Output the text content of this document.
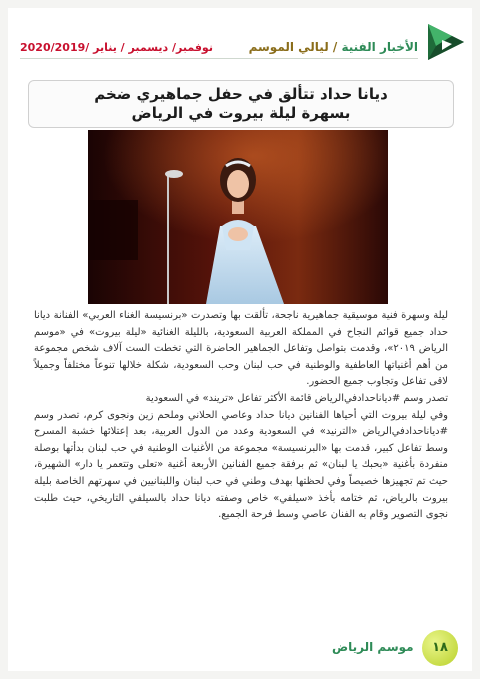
الأخبار الفنية / ليالي الموسم
نوفمبر/ ديسمبر / يناير /2020/2019

ديانا حداد تتألق في حفل جماهيري ضخم
بسهرة ليلة بيروت في الرياض

ليلة وسهرة فنية موسيقية جماهيرية ناجحة، تألقت بها وتصدرت «برنسيسة الغناء العربي» الفنانة ديانا حداد جميع قوائم النجاح في المملكة العربية السعودية، بالليلة الغنائية «ليلة بيروت» في «موسم الرياض ٢٠١٩»، وقدمت بتواصل وتفاعل الجماهير الحاضرة التي تخطت الست آلاف شخص مجموعة من أهم أغنياتها العاطفية والوطنية في حب لبنان وحب السعودية، شكلة خلالها تنوعاً مختلفاً وجميلاً لاقى تفاعل وتجاوب جميع الحضور.

تصدر وسم #ديانا‌حداد‌في‌الرياض قائمة الأكثر تفاعل «تريند» في السعودية

وفي ليلة بيروت التي أحياها الفنانين ديانا حداد وعاصي الحلاني وملحم زين ونجوى كرم، تصدر وسم #ديانا‌حداد‌في‌الرياض «الترنيد» في السعودية وعدد من الدول العربية، بعد إعتلائها خشبة المسرح وسط تفاعل كبير، قدمت بها «البرنسيسة» مجموعة من الأغنيات الوطنية في حب لبنان بدأتها بوصلة منفردة بأغنية «بحبك يا لبنان» ثم برفقة جميع الفنانين الأربعة أغنية «تعلى وتتعمر يا دار» الشهيرة، حيث تم تجهيزها خصيصاً وفي لحظتها بهدف وطني في حب لبنان واللبنانيين في سهرتهم الخاصة بليلة بيروت بالرياض، ثم ختامه بأخذ «سيلفي» خاص وصفته ديانا حداد بالسيلفي التاريخي، حيث طلبت نجوى التصوير وقام به الفنان عاصي وسط فرحة الجميع.

موسم الرياض	١٨
